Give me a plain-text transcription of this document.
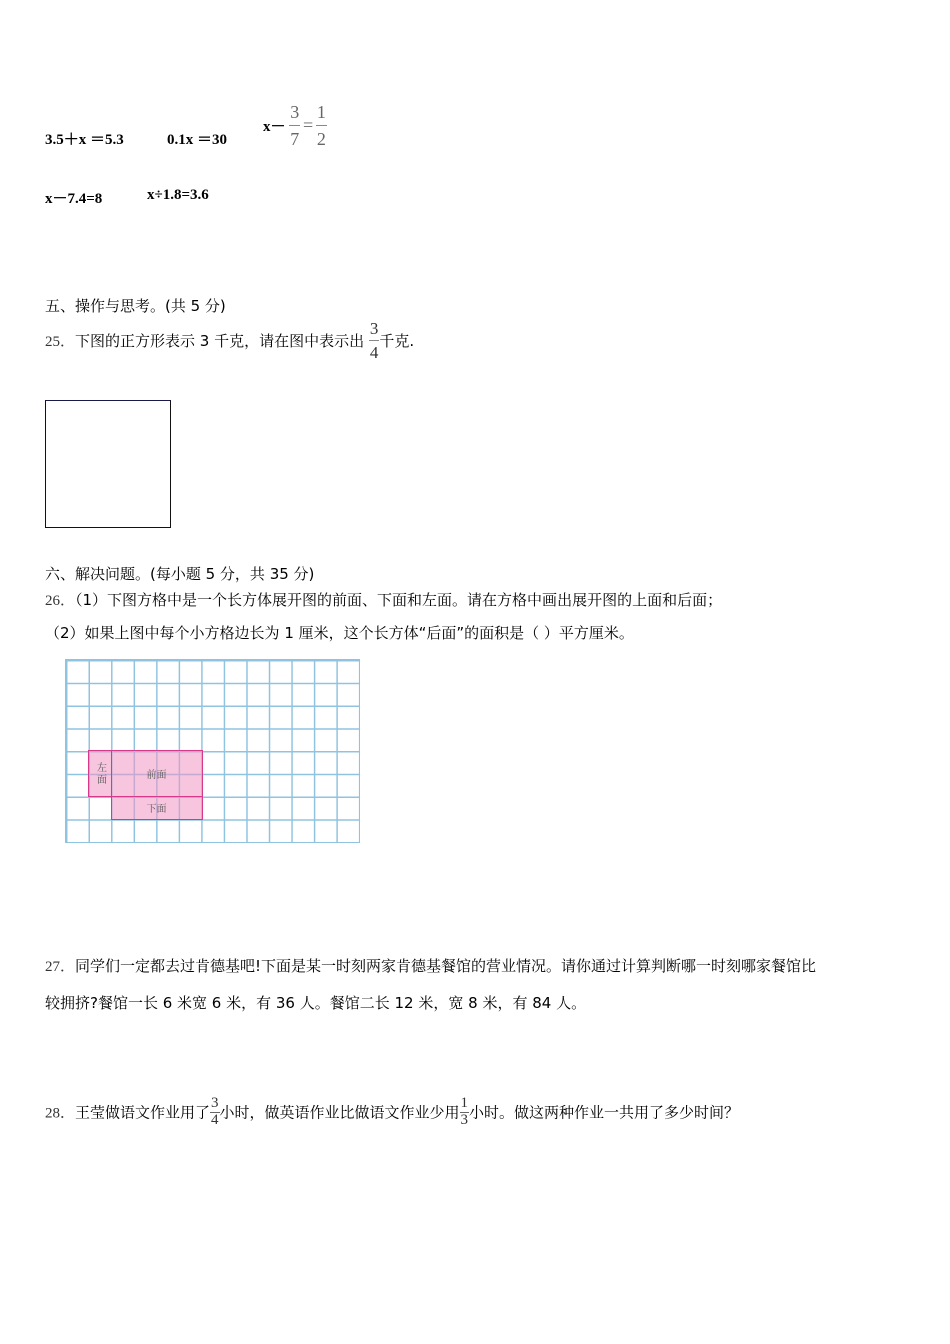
3.5＋x ＝5.3	0.1x ＝30
$x- \frac{3}{7} = \frac{1}{2}$
x－7.4=8	x÷1.8=3.6
五、操作与思考。(共 5 分)
25．下图的正方形表示 3 千克，请在图中表示出 $\frac{3}{4}$ 千克.
六、解决问题。(每小题 5 分，共 35 分)
26．（1）下图方格中是一个长方体展开图的前面、下面和左面。请在方格中画出展开图的上面和后面；
（2）如果上图中每个小方格边长为 1 厘米，这个长方体“后面”的面积是（ ）平方厘米。
左面	前面
下面
27．同学们一定都去过肯德基吧!下面是某一时刻两家肯德基餐馆的营业情况。请你通过计算判断哪一时刻哪家餐馆比
较拥挤?餐馆一长 6 米宽 6 米，有 36 人。餐馆二长 12 米，宽 8 米，有 84 人。
28．王莹做语文作业用了 $\frac{3}{4}$ 小时，做英语作业比做语文作业少用 $\frac{1}{3}$ 小时。做这两种作业一共用了多少时间？
